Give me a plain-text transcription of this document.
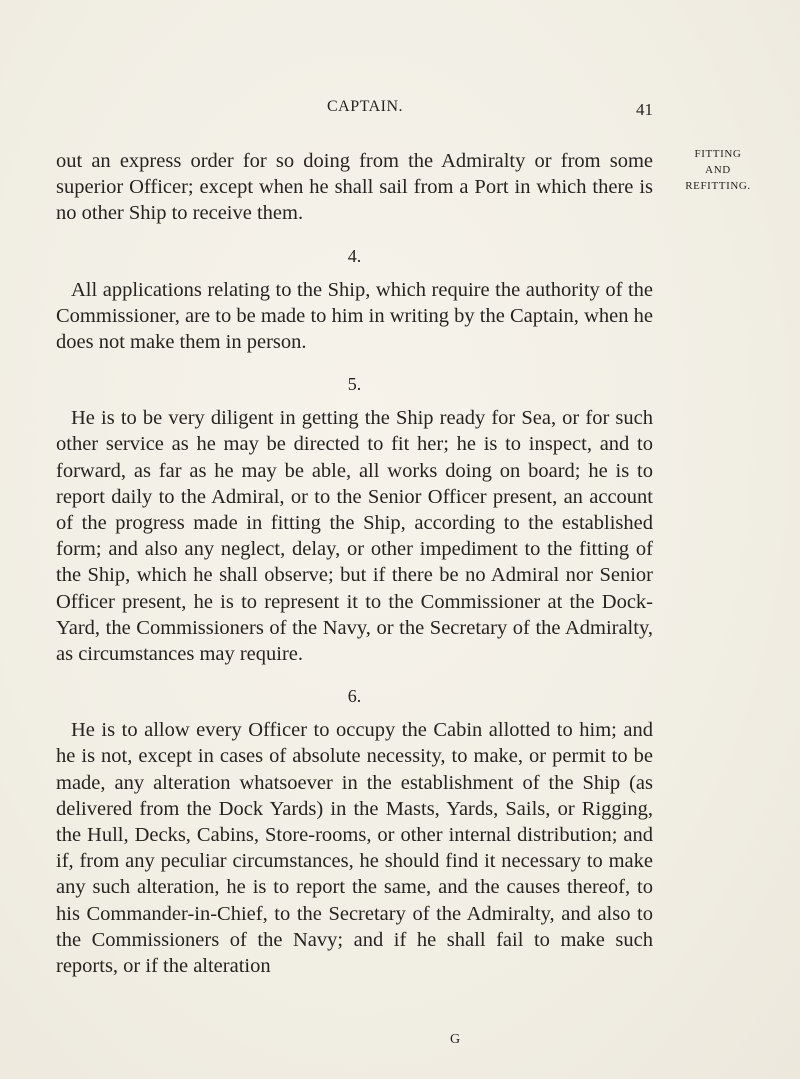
CAPTAIN.	41
FITTING
AND
REFITTING.

out an express order for so doing from the Admiralty or from some superior Officer; except when he shall sail from a Port in which there is no other Ship to receive them.

4.

All applications relating to the Ship, which require the authority of the Commissioner, are to be made to him in writing by the Captain, when he does not make them in person.

5.

He is to be very diligent in getting the Ship ready for Sea, or for such other service as he may be directed to fit her; he is to inspect, and to forward, as far as he may be able, all works doing on board; he is to report daily to the Admiral, or to the Senior Officer present, an account of the progress made in fitting the Ship, according to the established form; and also any neglect, delay, or other impediment to the fitting of the Ship, which he shall observe; but if there be no Admiral nor Senior Officer present, he is to represent it to the Commissioner at the Dock-Yard, the Commissioners of the Navy, or the Secretary of the Admiralty, as circumstances may require.

6.

He is to allow every Officer to occupy the Cabin allotted to him; and he is not, except in cases of absolute necessity, to make, or permit to be made, any alteration whatsoever in the establishment of the Ship (as delivered from the Dock Yards) in the Masts, Yards, Sails, or Rigging, the Hull, Decks, Cabins, Store-rooms, or other internal distribution; and if, from any peculiar circumstances, he should find it necessary to make any such alteration, he is to report the same, and the causes thereof, to his Commander-in-Chief, to the Secretary of the Admiralty, and also to the Commissioners of the Navy; and if he shall fail to make such reports, or if the alteration

G
